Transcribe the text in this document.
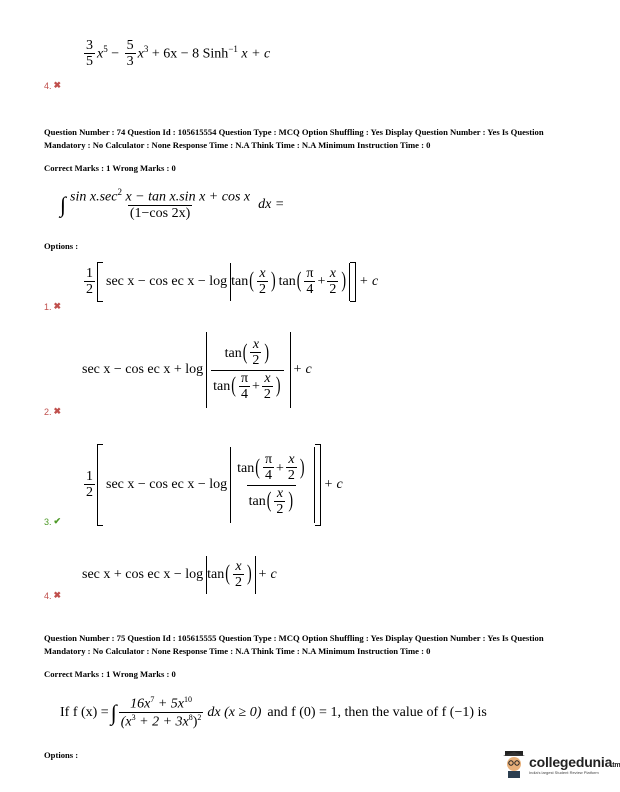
$\frac{3}{5} x^5 - \frac{5}{3} x^3 + 6x - 8$ Sinh$^{-1}$ x + c
4. ✖
Question Number : 74 Question Id : 105615554 Question Type : MCQ Option Shuffling : Yes Display Question Number : Yes Is Question Mandatory : No Calculator : None Response Time : N.A Think Time : N.A Minimum Instruction Time : 0
Correct Marks : 1 Wrong Marks : 0
∫ $\frac{\sin x.\sec^2 x - \tan x.\sin x + \cos x}{(1-\cos 2x)}$ dx =
Options :
$\frac{1}{2}$ sec x − cos ec x − log tan ( $\frac{x}{2}$ ) tan ( $\frac{\pi}{4} + \frac{x}{2}$ ) + c
1. ✖
sec x − cos ec $x + \log \frac{\tan ( \frac{x}{2} )}{\tan ( \frac{\pi}{4} + \frac{x}{2} )} + c$
2. ✖
$\frac{1}{2}$ sec x − cos ec $x - \log \frac{\tan ( \frac{\pi}{4} + \frac{x}{2} )}{\tan ( \frac{x}{2} )} + c$
3. ✔
sec x + cos ec x − log tan ( $\frac{x}{2}$ ) + c
4. ✖
Question Number : 75 Question Id : 105615555 Question Type : MCQ Option Shuffling : Yes Display Question Number : Yes Is Question Mandatory : No Calculator : None Response Time : N.A Think Time : N.A Minimum Instruction Time : 0
Correct Marks : 1 Wrong Marks : 0
If f (x) = ∫ $\frac{16x^7 + 5x^{10}}{(x^3 + 2 + 3x^8)^2}$ dx (x ≥ 0) and f (0) = 1, then the value of f (−1) is
Options :	collegeduniatm
India's largest Student Review Platform
